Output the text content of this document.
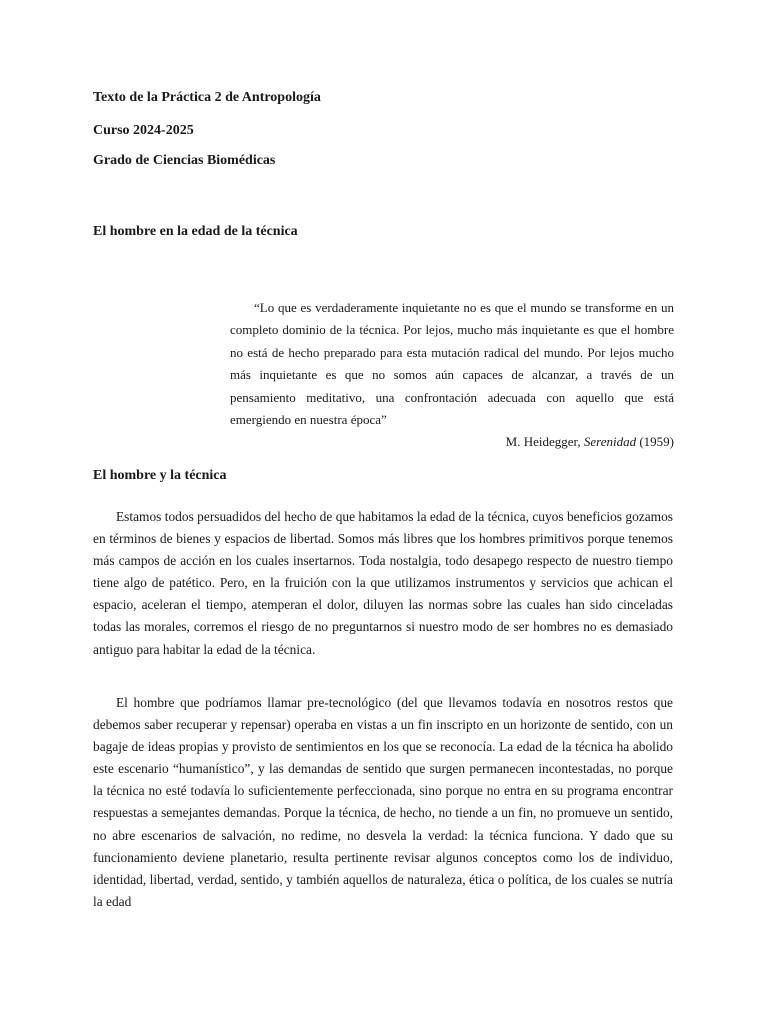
Texto de la Práctica 2 de Antropología

Curso 2024-2025

Grado de Ciencias Biomédicas

El hombre en la edad de la técnica

“Lo que es verdaderamente inquietante no es que el mundo se transforme en un completo dominio de la técnica. Por lejos, mucho más inquietante es que el hombre no está de hecho preparado para esta mutación radical del mundo. Por lejos mucho más inquietante es que no somos aún capaces de alcanzar, a través de un pensamiento meditativo, una confrontación adecuada con aquello que está emergiendo en nuestra época”

M. Heidegger, Serenidad (1959)

El hombre y la técnica

Estamos todos persuadidos del hecho de que habitamos la edad de la técnica, cuyos beneficios gozamos en términos de bienes y espacios de libertad. Somos más libres que los hombres primitivos porque tenemos más campos de acción en los cuales insertarnos. Toda nostalgia, todo desapego respecto de nuestro tiempo tiene algo de patético. Pero, en la fruición con la que utilizamos instrumentos y servicios que achican el espacio, aceleran el tiempo, atemperan el dolor, diluyen las normas sobre las cuales han sido cinceladas todas las morales, corremos el riesgo de no preguntarnos si nuestro modo de ser hombres no es demasiado antiguo para habitar la edad de la técnica.

El hombre que podríamos llamar pre-tecnológico (del que llevamos todavía en nosotros restos que debemos saber recuperar y repensar) operaba en vistas a un fin inscripto en un horizonte de sentido, con un bagaje de ideas propias y provisto de sentimientos en los que se reconocía. La edad de la técnica ha abolido este escenario “humanístico”, y las demandas de sentido que surgen permanecen incontestadas, no porque la técnica no esté todavía lo suficientemente perfeccionada, sino porque no entra en su programa encontrar respuestas a semejantes demandas. Porque la técnica, de hecho, no tiende a un fin, no promueve un sentido, no abre escenarios de salvación, no redime, no desvela la verdad: la técnica funciona. Y dado que su funcionamiento deviene planetario, resulta pertinente revisar algunos conceptos como los de individuo, identidad, libertad, verdad, sentido, y también aquellos de naturaleza, ética o política, de los cuales se nutría la edad
